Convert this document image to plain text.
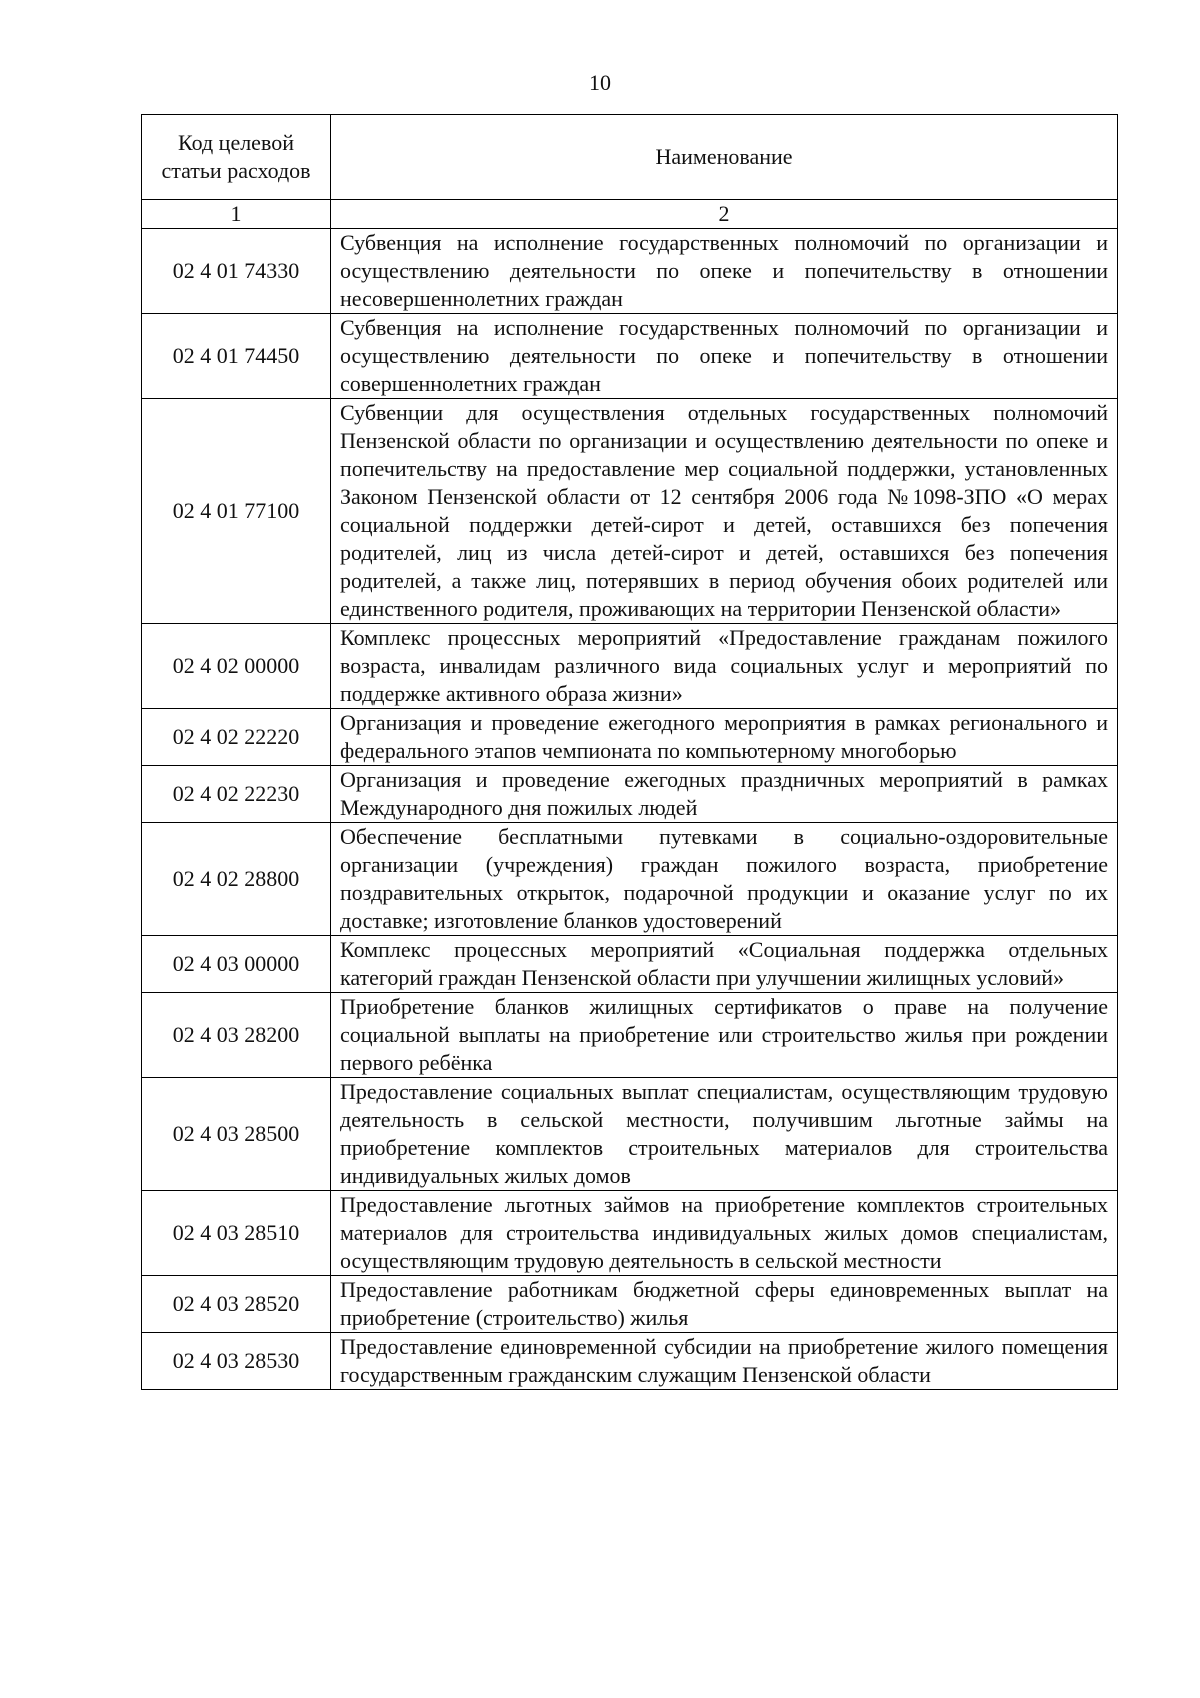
10
Код целевой статьи расходов	Наименование
1	2
02 4 01 74330	Субвенция на исполнение государственных полномочий по организации и осуществлению деятельности по опеке и попечительству в отношении несовершеннолетних граждан
02 4 01 74450	Субвенция на исполнение государственных полномочий по организации и осуществлению деятельности по опеке и попечительству в отношении совершеннолетних граждан
02 4 01 77100	Субвенции для осуществления отдельных государственных полномочий Пензенской области по организации и осуществлению деятельности по опеке и попечительству на предоставление мер социальной поддержки, установленных Законом Пензенской области от 12 сентября 2006 года №1098-ЗПО «О мерах социальной поддержки детей-сирот и детей, оставшихся без попечения родителей, лиц из числа детей-сирот и детей, оставшихся без попечения родителей, а также лиц, потерявших в период обучения обоих родителей или единственного родителя, проживающих на территории Пензенской области»
02 4 02 00000	Комплекс процессных мероприятий «Предоставление гражданам пожилого возраста, инвалидам различного вида социальных услуг и мероприятий по поддержке активного образа жизни»
02 4 02 22220	Организация и проведение ежегодного мероприятия в рамках регионального и федерального этапов чемпионата по компьютерному многоборью
02 4 02 22230	Организация и проведение ежегодных праздничных мероприятий в рамках Международного дня пожилых людей
02 4 02 28800	Обеспечение бесплатными путевками в социально-оздоровительные организации (учреждения) граждан пожилого возраста, приобретение поздравительных открыток, подарочной продукции и оказание услуг по их доставке; изготовление бланков удостоверений
02 4 03 00000	Комплекс процессных мероприятий «Социальная поддержка отдельных категорий граждан Пензенской области при улучшении жилищных условий»
02 4 03 28200	Приобретение бланков жилищных сертификатов о праве на получение социальной выплаты на приобретение или строительство жилья при рождении первого ребёнка
02 4 03 28500	Предоставление социальных выплат специалистам, осуществляющим трудовую деятельность в сельской местности, получившим льготные займы на приобретение комплектов строительных материалов для строительства индивидуальных жилых домов
02 4 03 28510	Предоставление льготных займов на приобретение комплектов строительных материалов для строительства индивидуальных жилых домов специалистам, осуществляющим трудовую деятельность в сельской местности
02 4 03 28520	Предоставление работникам бюджетной сферы единовременных выплат на приобретение (строительство) жилья
02 4 03 28530	Предоставление единовременной субсидии на приобретение жилого помещения государственным гражданским служащим Пензенской области
